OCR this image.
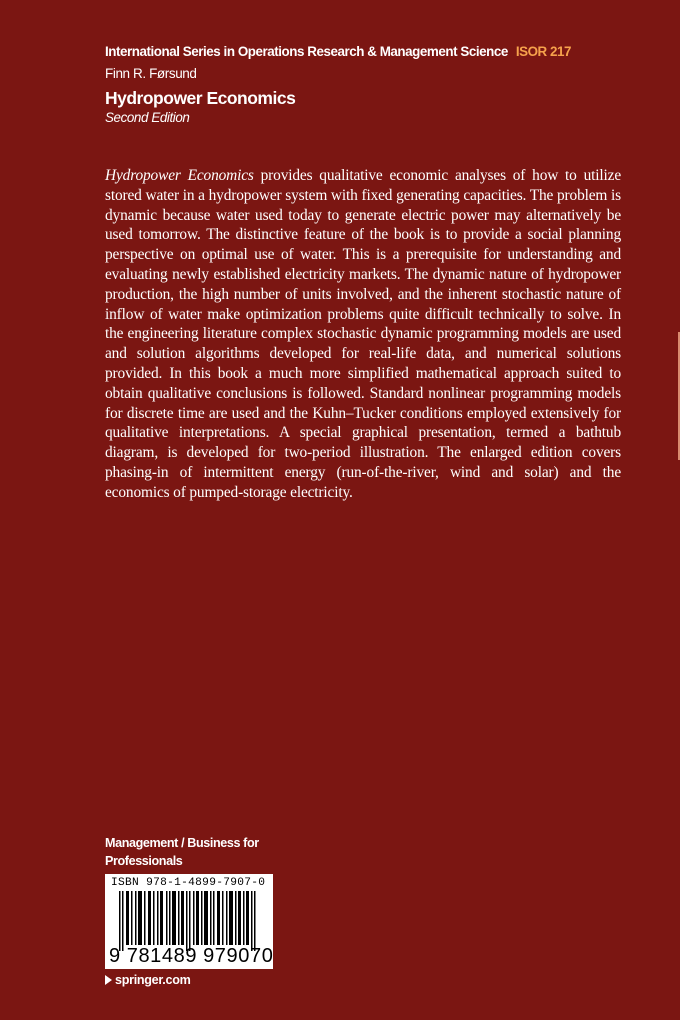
International Series in Operations Research & Management Science ISOR 217
Finn R. Førsund
Hydropower Economics
Second Edition

Hydropower Economics provides qualitative economic analyses of how to utilize stored water in a hydropower system with fixed generating capacities. The problem is dynamic because water used today to generate electric power may alternatively be used tomorrow. The distinctive feature of the book is to provide a social planning perspective on optimal use of water. This is a prerequisite for understanding and evaluating newly established electricity markets. The dynamic nature of hydropower production, the high number of units involved, and the inherent stochastic nature of inflow of water make optimization problems quite difficult technically to solve. In the engineering literature complex stochastic dynamic programming models are used and solution algorithms developed for real-life data, and numerical solutions provided. In this book a much more simplified mathematical approach suited to obtain qualitative conclusions is followed. Standard nonlinear programming models for discrete time are used and the Kuhn–Tucker conditions employed extensively for qualitative interpretations. A special graphical presentation, termed a bathtub diagram, is developed for two-period illustration. The enlarged edition covers phasing-in of intermittent energy (run-of-the-river, wind and solar) and the economics of pumped-storage electricity.

Management / Business for
Professionals
ISBN 978-1-4899-7907-0
9 781489 979070
springer.com
